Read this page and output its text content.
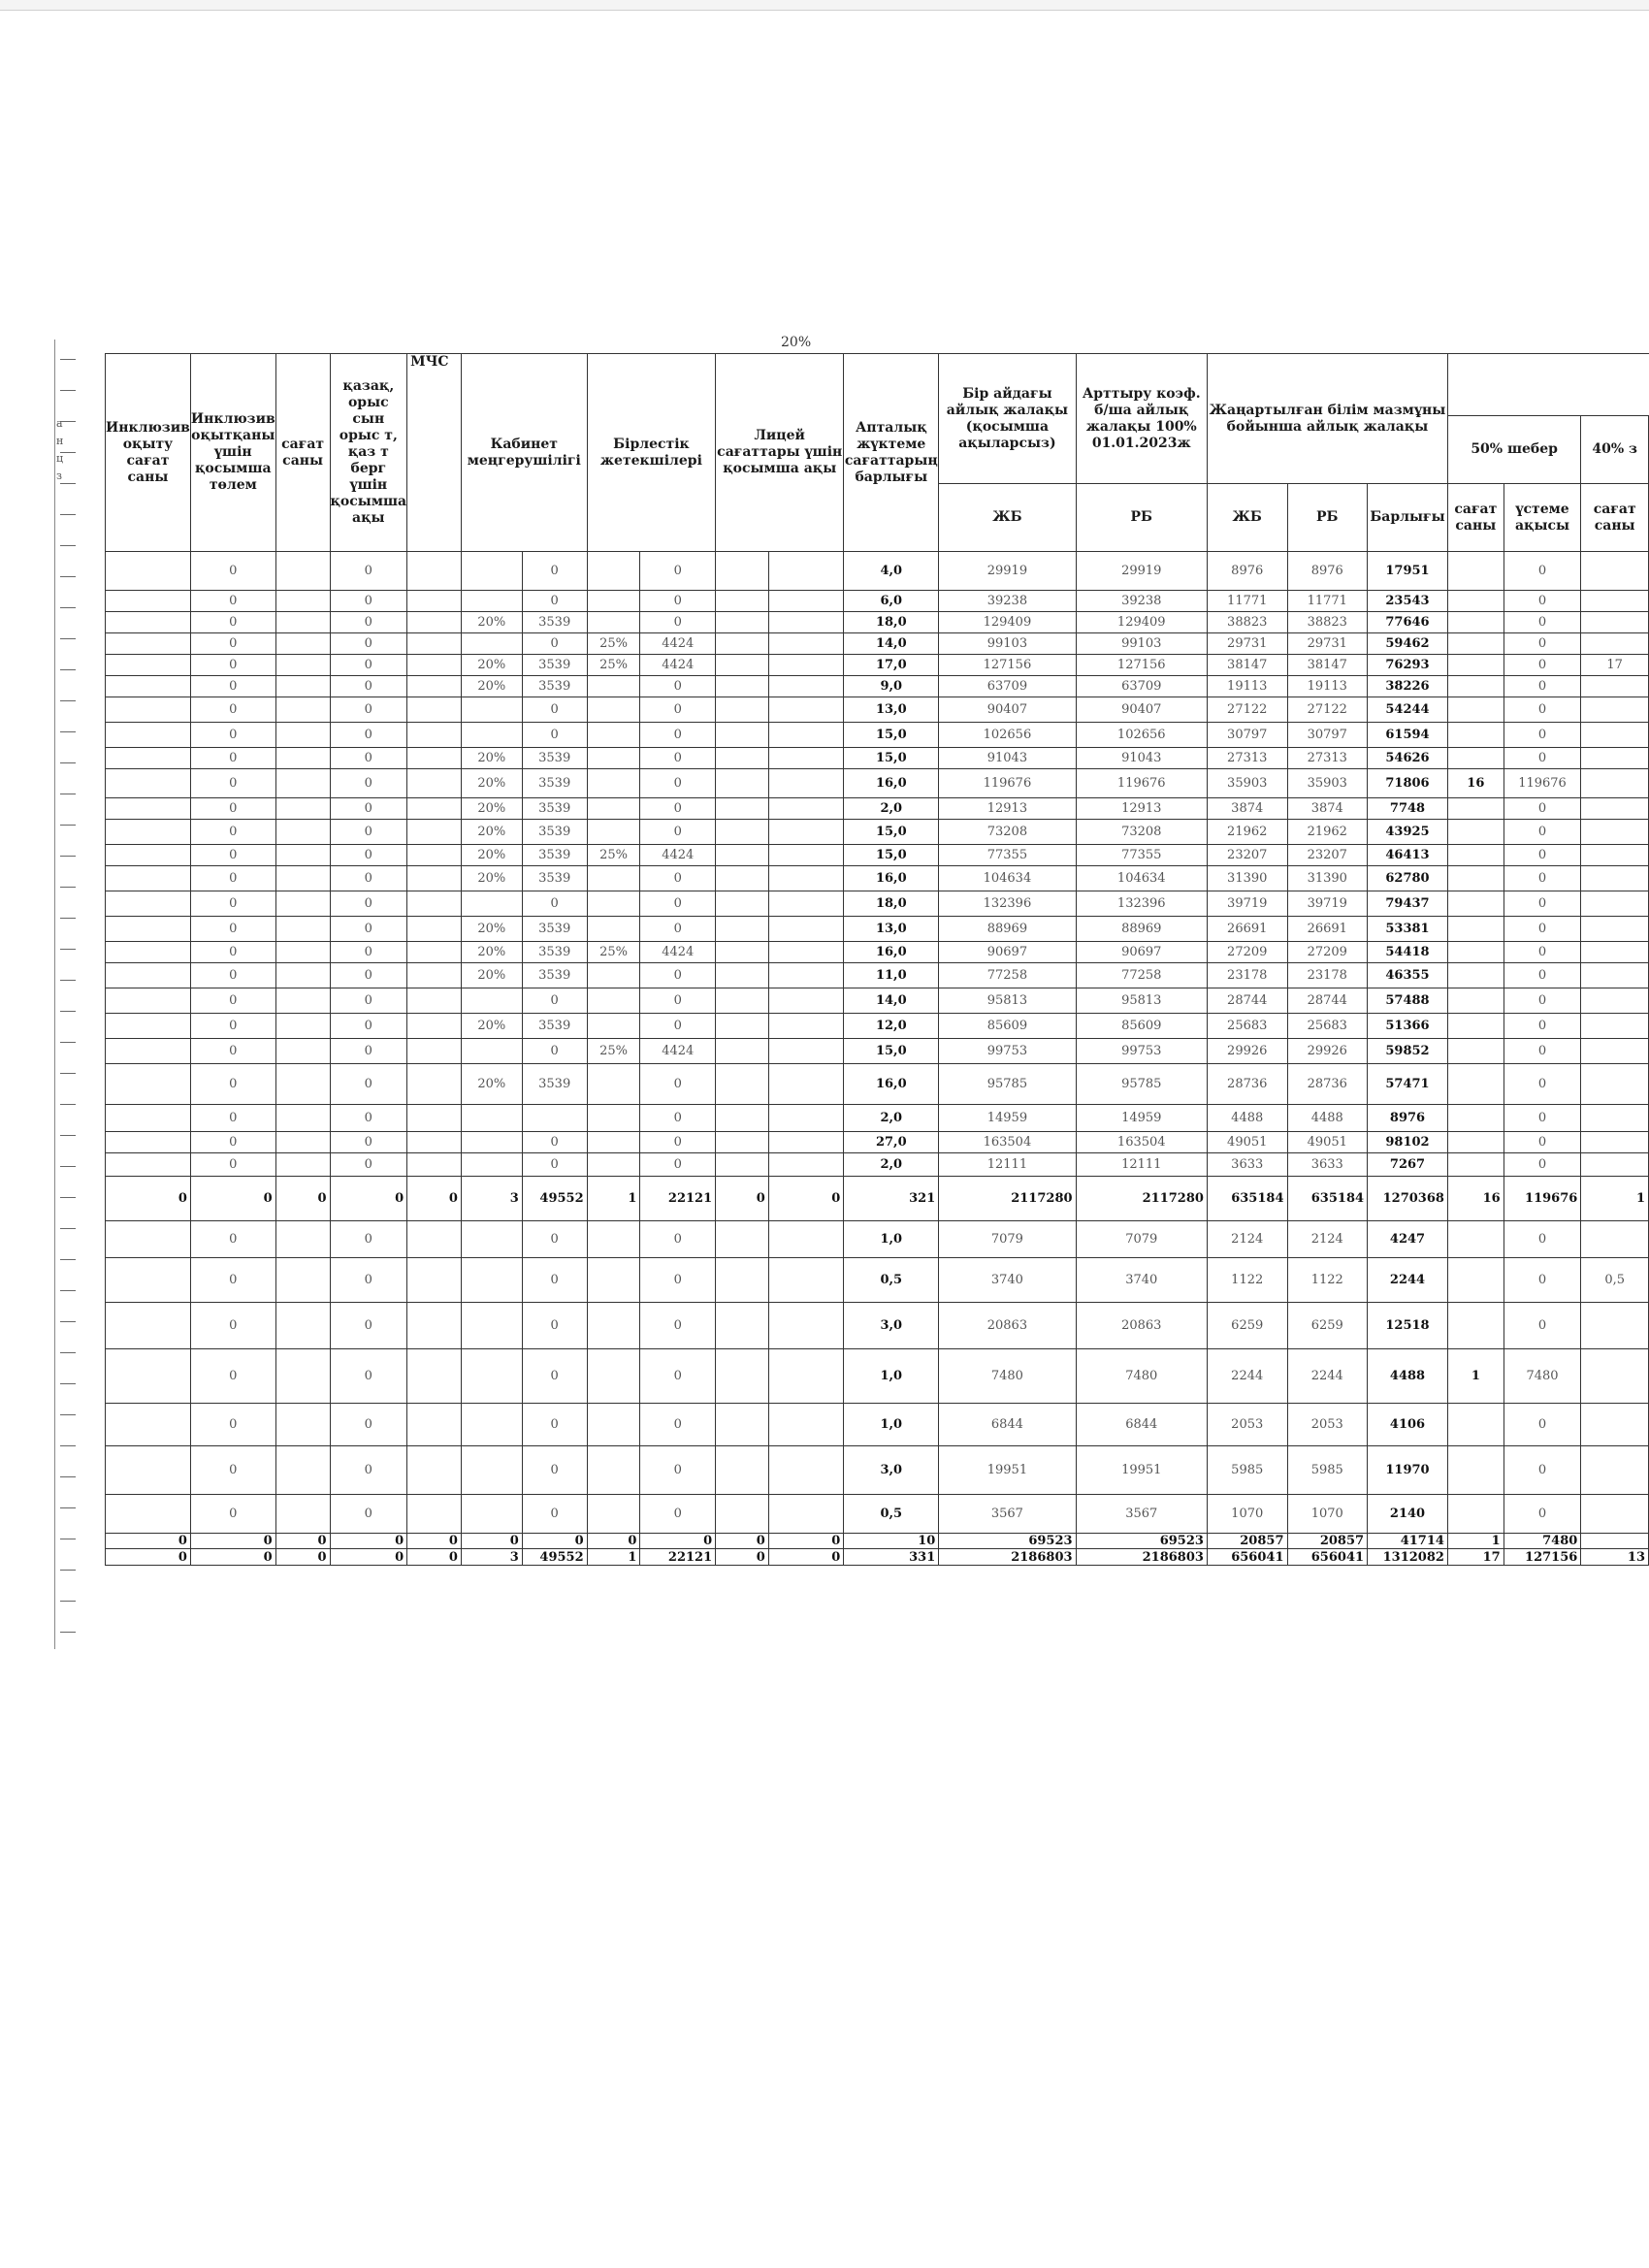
20%
а
н
ц
з
Инклюзив оқыту сағат саны	Инклюзив оқытқаны үшін қосымша төлем	сағат саны	қазақ, орыс сын орыс т, қаз т берг үшін қосымша ақы	МЧС	Кабинет меңгерушілігі		Бірлестік жетекшілері		Лицей сағаттары үшін қосымша ақы		Апталық жүктеме сағаттарың барлығы	Бір айдағы айлық жалақы (қосымша ақыларсыз)	Арттыру коэф. б/ша айлық жалақы 100% 01.01.2023ж	Жаңартылған білім мазмұны бойынша айлық жалақы					
																	50% шебер		40% з
												ЖБ	РБ	ЖБ	РБ	Барлығы	сағат саны	үстеме ақысы	сағат саны
	0		0			0		0			4,0	29919	29919	8976	8976	17951		0	
	0		0			0		0			6,0	39238	39238	11771	11771	23543		0	
	0		0		20%	3539		0			18,0	129409	129409	38823	38823	77646		0	
	0		0			0	25%	4424			14,0	99103	99103	29731	29731	59462		0	
	0		0		20%	3539	25%	4424			17,0	127156	127156	38147	38147	76293		0	17
	0		0		20%	3539		0			9,0	63709	63709	19113	19113	38226		0	
	0		0			0		0			13,0	90407	90407	27122	27122	54244		0	
	0		0			0		0			15,0	102656	102656	30797	30797	61594		0	
	0		0		20%	3539		0			15,0	91043	91043	27313	27313	54626		0	
	0		0		20%	3539		0			16,0	119676	119676	35903	35903	71806	16	119676	
	0		0		20%	3539		0			2,0	12913	12913	3874	3874	7748		0	
	0		0		20%	3539		0			15,0	73208	73208	21962	21962	43925		0	
	0		0		20%	3539	25%	4424			15,0	77355	77355	23207	23207	46413		0	
	0		0		20%	3539		0			16,0	104634	104634	31390	31390	62780		0	
	0		0			0		0			18,0	132396	132396	39719	39719	79437		0	
	0		0		20%	3539		0			13,0	88969	88969	26691	26691	53381		0	
	0		0		20%	3539	25%	4424			16,0	90697	90697	27209	27209	54418		0	
	0		0		20%	3539		0			11,0	77258	77258	23178	23178	46355		0	
	0		0			0		0			14,0	95813	95813	28744	28744	57488		0	
	0		0		20%	3539		0			12,0	85609	85609	25683	25683	51366		0	
	0		0			0	25%	4424			15,0	99753	99753	29926	29926	59852		0	
	0		0		20%	3539		0			16,0	95785	95785	28736	28736	57471		0	
	0		0					0			2,0	14959	14959	4488	4488	8976		0	
	0		0			0		0			27,0	163504	163504	49051	49051	98102		0	
	0		0			0		0			2,0	12111	12111	3633	3633	7267		0	
0	0	0	0	0	3	49552	1	22121	0	0	321	2117280	2117280	635184	635184	1270368	16	119676	1
	0		0			0		0			1,0	7079	7079	2124	2124	4247		0	
	0		0			0		0			0,5	3740	3740	1122	1122	2244		0	0,5
	0		0			0		0			3,0	20863	20863	6259	6259	12518		0	
	0		0			0		0			1,0	7480	7480	2244	2244	4488	1	7480	
	0		0			0		0			1,0	6844	6844	2053	2053	4106		0	
	0		0			0		0			3,0	19951	19951	5985	5985	11970		0	
	0		0			0		0			0,5	3567	3567	1070	1070	2140		0	
0	0	0	0	0	0	0	0	0	0	0	10	69523	69523	20857	20857	41714	1	7480	
0	0	0	0	0	3	49552	1	22121	0	0	331	2186803	2186803	656041	656041	1312082	17	127156	13
